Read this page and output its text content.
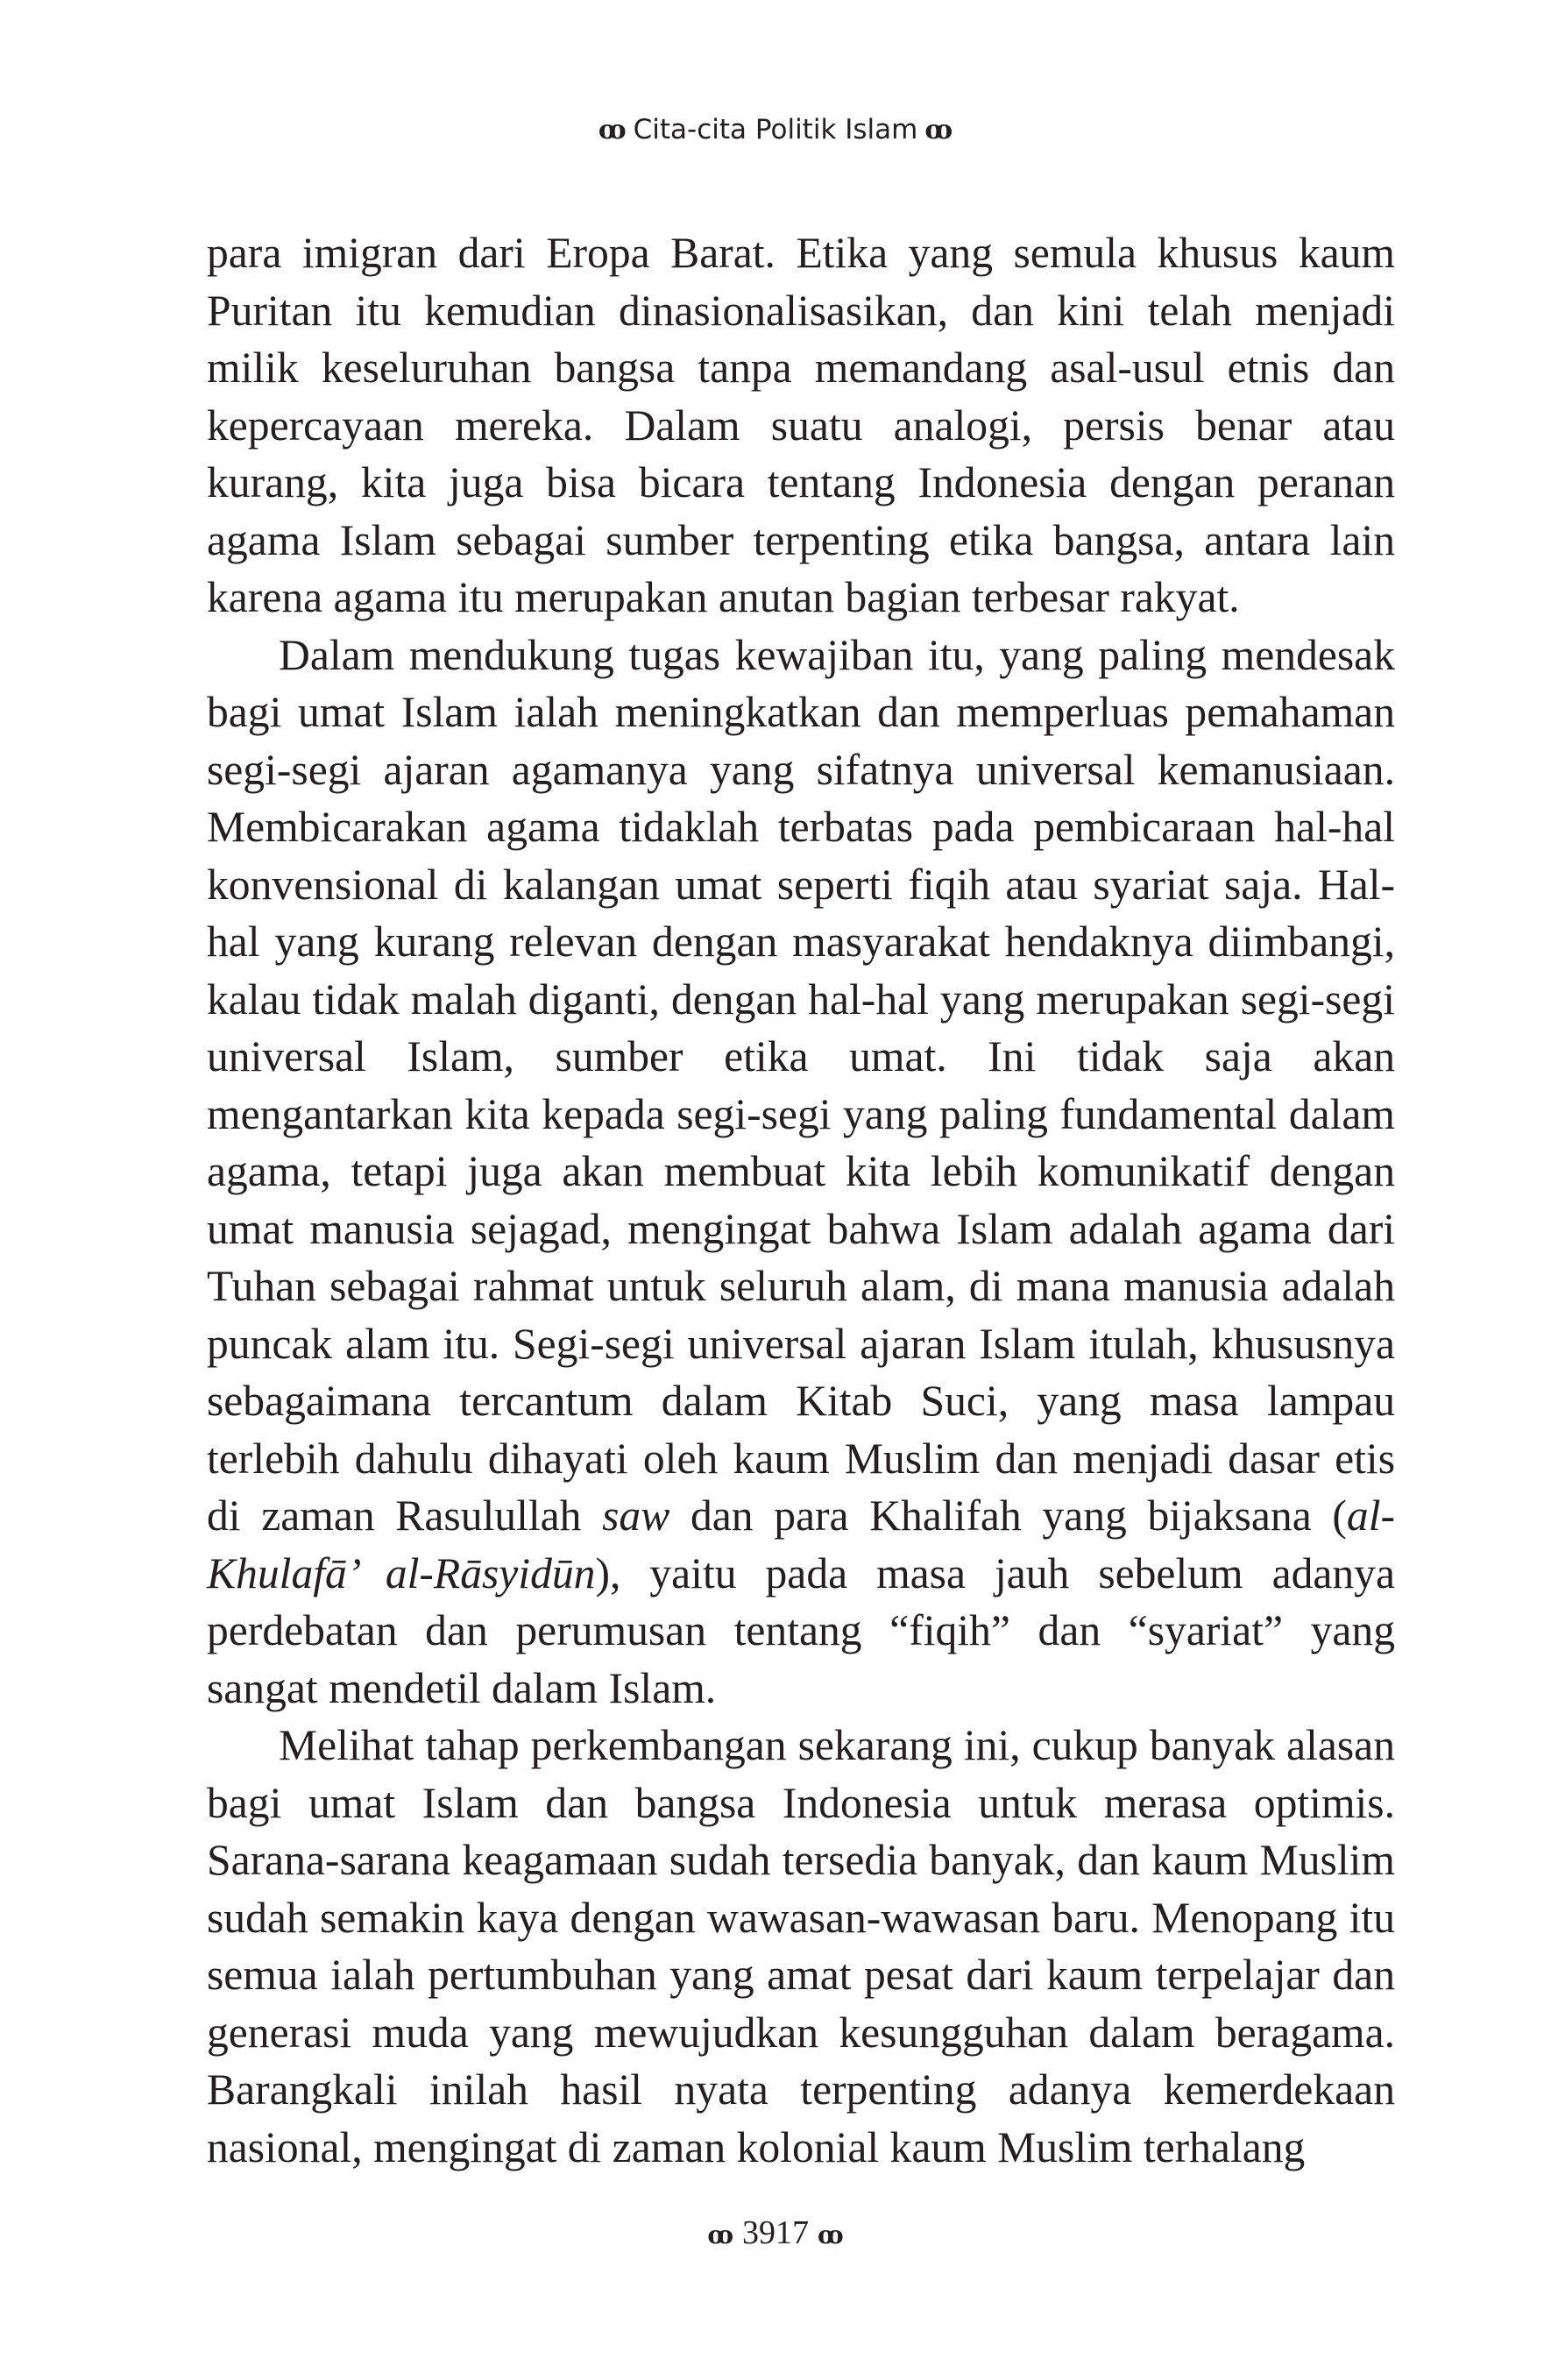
ꝏ Cita-cita Politik Islam ꝏ

para imigran dari Eropa Barat. Etika yang semula khusus kaum Puritan itu kemudian dinasionalisasikan, dan kini telah menjadi milik keseluruhan bangsa tanpa memandang asal-usul etnis dan kepercayaan mereka. Dalam suatu analogi, persis benar atau kurang, kita juga bisa bicara tentang Indonesia dengan peranan agama Islam sebagai sumber terpenting etika bangsa, antara lain karena agama itu merupakan anutan bagian terbesar rakyat.

Dalam mendukung tugas kewajiban itu, yang paling mendesak bagi umat Islam ialah meningkatkan dan memperluas pemahaman segi-segi ajaran agamanya yang sifatnya universal kemanusiaan. Membicarakan agama tidaklah terbatas pada pembicaraan hal-hal konvensional di kalangan umat seperti fiqih atau syariat saja. Hal-hal yang kurang relevan dengan masyarakat hendaknya diimbangi, kalau tidak malah diganti, dengan hal-hal yang merupakan segi-segi universal Islam, sumber etika umat. Ini tidak saja akan mengantarkan kita kepada segi-segi yang paling fundamental dalam agama, tetapi juga akan membuat kita lebih komunikatif dengan umat manusia sejagad, mengingat bahwa Islam adalah agama dari Tuhan sebagai rahmat untuk seluruh alam, di mana manusia adalah puncak alam itu. Segi-segi universal ajaran Islam itulah, khususnya sebagaimana tercantum dalam Kitab Suci, yang masa lampau terlebih dahulu dihayati oleh kaum Muslim dan menjadi dasar etis di zaman Rasulullah saw dan para Khalifah yang bijaksana (al-Khulafā’ al-Rāsyidūn), yaitu pada masa jauh sebelum adanya perdebatan dan perumusan tentang “fiqih” dan “syariat” yang sangat mendetil dalam Islam.

Melihat tahap perkembangan sekarang ini, cukup banyak alasan bagi umat Islam dan bangsa Indonesia untuk merasa optimis. Sarana-sarana keagamaan sudah tersedia banyak, dan kaum Muslim sudah semakin kaya dengan wawasan-wawasan baru. Menopang itu semua ialah pertumbuhan yang amat pesat dari kaum terpelajar dan generasi muda yang mewujudkan kesungguhan dalam beragama. Barangkali inilah hasil nyata terpenting adanya kemerdekaan nasional, mengingat di zaman kolonial kaum Muslim terhalang

ꝏ 3917 ꝏ
